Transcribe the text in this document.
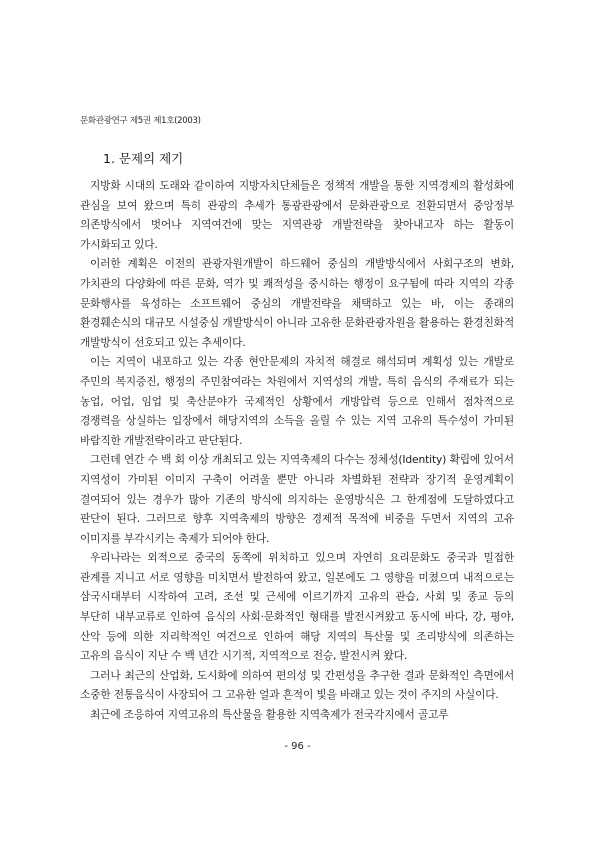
문화관광연구 제5권 제1호(2003)
1. 문제의 제기

지방화 시대의 도래와 같이하여 지방자치단체들은 정책적 개발을 통한 지역경제의 활성화에 관심을 보여 왔으며 특히 관광의 추세가 통광관광에서 문화관광으로 전환되면서 중앙정부 의존방식에서 벗어나 지역여건에 맞는 지역관광 개발전략을 찾아내고자 하는 활동이 가시화되고 있다.

이러한 계획은 이전의 관광자원개발이 하드웨어 중심의 개발방식에서 사회구조의 변화, 가치관의 다양화에 따른 문화, 역가 및 쾌적성을 중시하는 행정이 요구됨에 따라 지역의 각종 문화행사를 육성하는 소프트웨어 중심의 개발전략을 채택하고 있는 바, 이는 종래의 환경훼손식의 대규모 시설중심 개발방식이 아니라 고유한 문화관광자원을 활용하는 환경친화적 개발방식이 선호되고 있는 추세이다.

이는 지역이 내포하고 있는 각종 현안문제의 자치적 해결로 해석되며 계획성 있는 개발로 주민의 복지증진, 행정의 주민참여라는 차원에서 지역성의 개발, 특히 음식의 주재료가 되는 농업, 어업, 임업 및 축산분야가 국제적인 상황에서 개방압력 등으로 인해서 점차적으로 경쟁력을 상실하는 입장에서 해당지역의 소득을 올릴 수 있는 지역 고유의 특수성이 가미된 바람직한 개발전략이라고 판단된다.

그런데 연간 수 백 회 이상 개최되고 있는 지역축제의 다수는 정체성(Identity) 확립에 있어서 지역성이 가미된 이미지 구축이 어려울 뿐만 아니라 차별화된 전략과 장기적 운영계획이 결여되어 있는 경우가 많아 기존의 방식에 의지하는 운영방식은 그 한계점에 도달하였다고 판단이 된다. 그러므로 향후 지역축제의 방향은 경제적 목적에 비중을 두면서 지역의 고유 이미지를 부각시키는 축제가 되어야 한다.

우리나라는 외적으로 중국의 동쪽에 위치하고 있으며 자연히 요리문화도 중국과 밀접한 관계를 지니고 서로 영향을 미치면서 발전하여 왔고, 일본에도 그 영향을 미쳤으며 내적으로는 삼국시대부터 시작하여 고려, 조선 및 근세에 이르기까지 고유의 관습, 사회 및 종교 등의 부단히 내부교류로 인하여 음식의 사회·문화적인 형태를 발전시켜왔고 동시에 바다, 강, 평야, 산악 등에 의한 지리학적인 여건으로 인하여 해당 지역의 특산물 및 조리방식에 의존하는 고유의 음식이 지난 수 백 년간 시기적, 지역적으로 전승, 발전시켜 왔다.

그러나 최근의 산업화, 도시화에 의하여 편의성 및 간편성을 추구한 결과 문화적인 측면에서 소중한 전통음식이 사장되어 그 고유한 얼과 흔적이 빛을 바래고 있는 것이 주지의 사실이다.

최근에 조응하여 지역고유의 특산물을 활용한 지역축제가 전국각지에서 골고루

- 96 -
